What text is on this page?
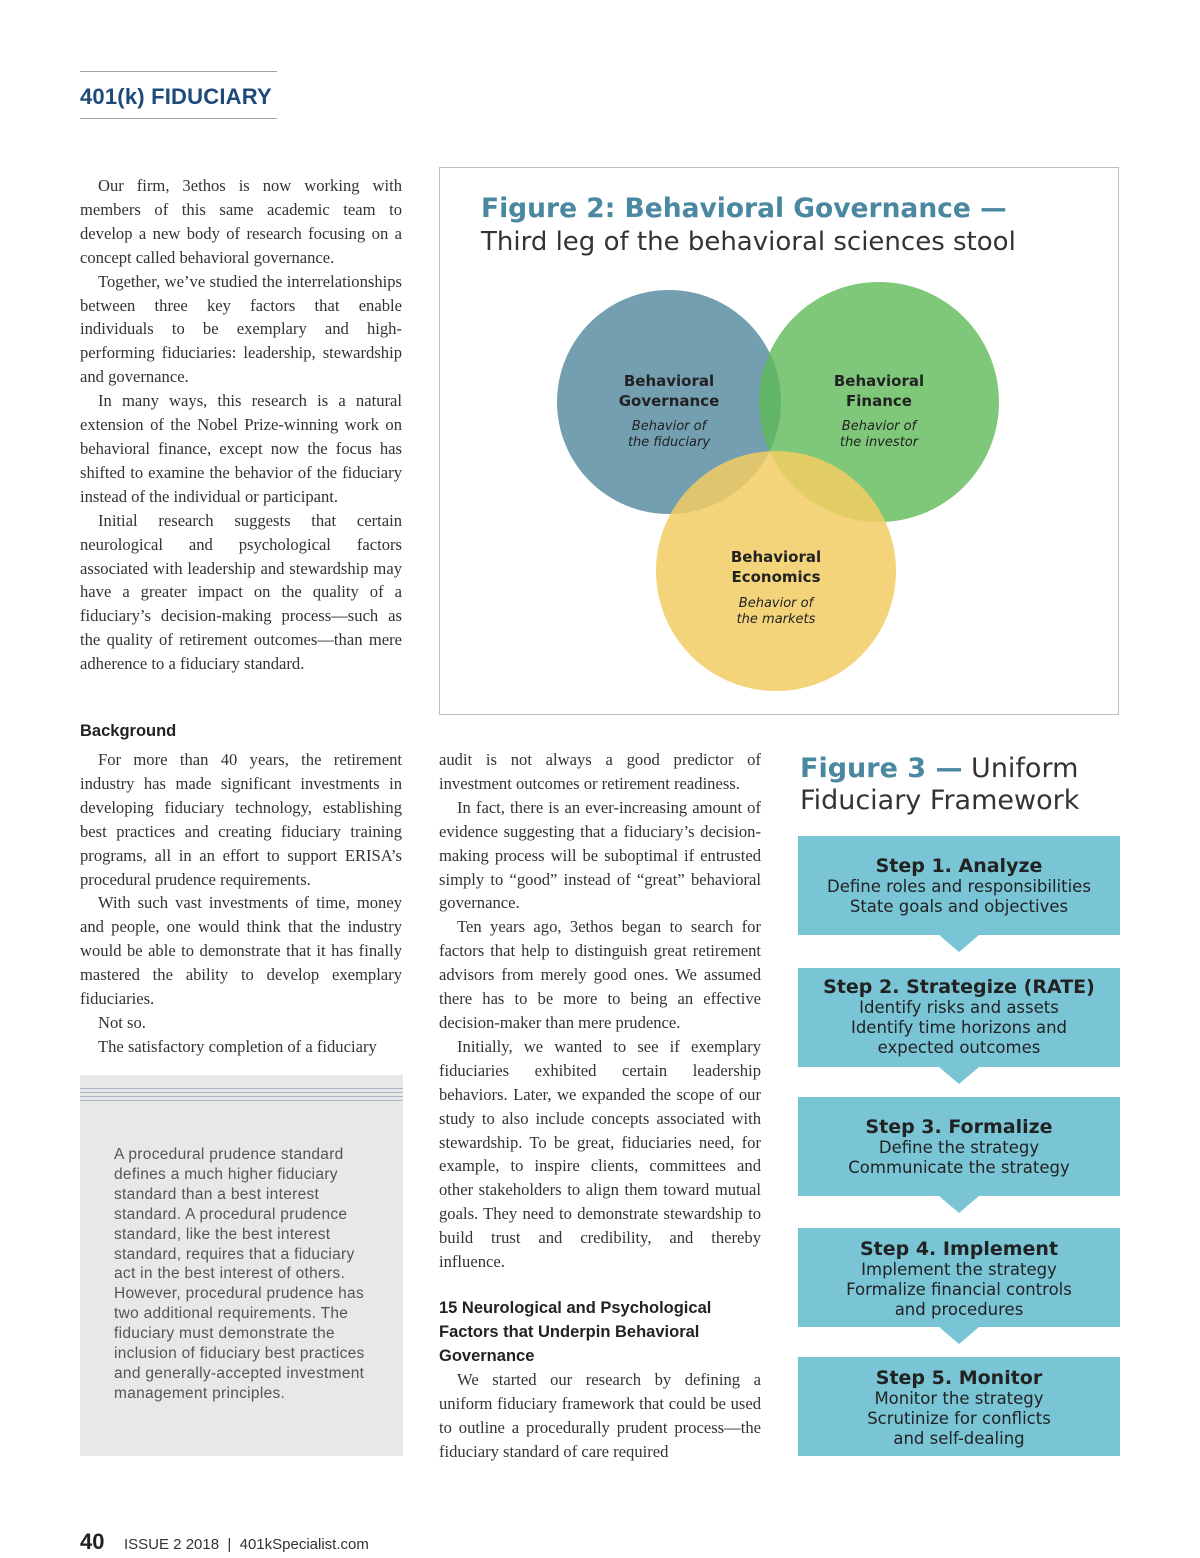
401(k) FIDUCIARY

Our firm, 3ethos is now working with members of this same academic team to develop a new body of research focusing on a concept called behavioral governance.

Together, we’ve studied the interrelationships between three key factors that enable individuals to be exemplary and high-performing fiduciaries: leadership, stewardship and governance.

In many ways, this research is a natural extension of the Nobel Prize-winning work on behavioral finance, except now the focus has shifted to examine the behavior of the fiduciary instead of the individual or participant.

Initial research suggests that certain neurological and psychological factors associated with leadership and stewardship may have a greater impact on the quality of a fiduciary’s decision-making process—such as the quality of retirement outcomes—than mere adherence to a fiduciary standard.

Background

For more than 40 years, the retirement industry has made significant investments in developing fiduciary technology, establishing best practices and creating fiduciary training programs, all in an effort to support ERISA’s procedural prudence requirements.

With such vast investments of time, money and people, one would think that the industry would be able to demonstrate that it has finally mastered the ability to develop exemplary fiduciaries.

Not so.

The satisfactory completion of a fiduciary

A procedural prudence standard defines a much higher fiduciary standard than a best interest standard. A procedural prudence standard, like the best interest standard, requires that a fiduciary act in the best interest of others. However, procedural prudence has two additional requirements. The fiduciary must demonstrate the inclusion of fiduciary best practices and generally-accepted investment management principles.

audit is not always a good predictor of investment outcomes or retirement readiness.

In fact, there is an ever-increasing amount of evidence suggesting that a fiduciary’s decision-making process will be suboptimal if entrusted simply to “good” instead of “great” behavioral governance.

Ten years ago, 3ethos began to search for factors that help to distinguish great retirement advisors from merely good ones. We assumed there has to be more to being an effective decision-maker than mere prudence.

Initially, we wanted to see if exemplary fiduciaries exhibited certain leadership behaviors. Later, we expanded the scope of our study to also include concepts associated with stewardship. To be great, fiduciaries need, for example, to inspire clients, committees and other stakeholders to align them toward mutual goals. They need to demonstrate stewardship to build trust and credibility, and thereby influence.

15 Neurological and Psychological Factors that Underpin Behavioral Governance

We started our research by defining a uniform fiduciary framework that could be used to outline a procedurally prudent process—the fiduciary standard of care required

Figure 2: Behavioral Governance —
Third leg of the behavioral sciences stool
Behavioral
Governance
Behavior of
the fiduciary
Behavioral
Finance
Behavior of
the investor
Behavioral
Economics
Behavior of
the markets
Figure 3 — Uniform Fiduciary Framework
Step 1. Analyze
Define roles and responsibilities
State goals and objectives
Step 2. Strategize (RATE)
Identify risks and assets
Identify time horizons and
expected outcomes
Step 3. Formalize
Define the strategy
Communicate the strategy
Step 4. Implement
Implement the strategy
Formalize financial controls
and procedures
Step 5. Monitor
Monitor the strategy
Scrutinize for conflicts
and self-dealing
40 ISSUE 2 2018  |  401kSpecialist.com
